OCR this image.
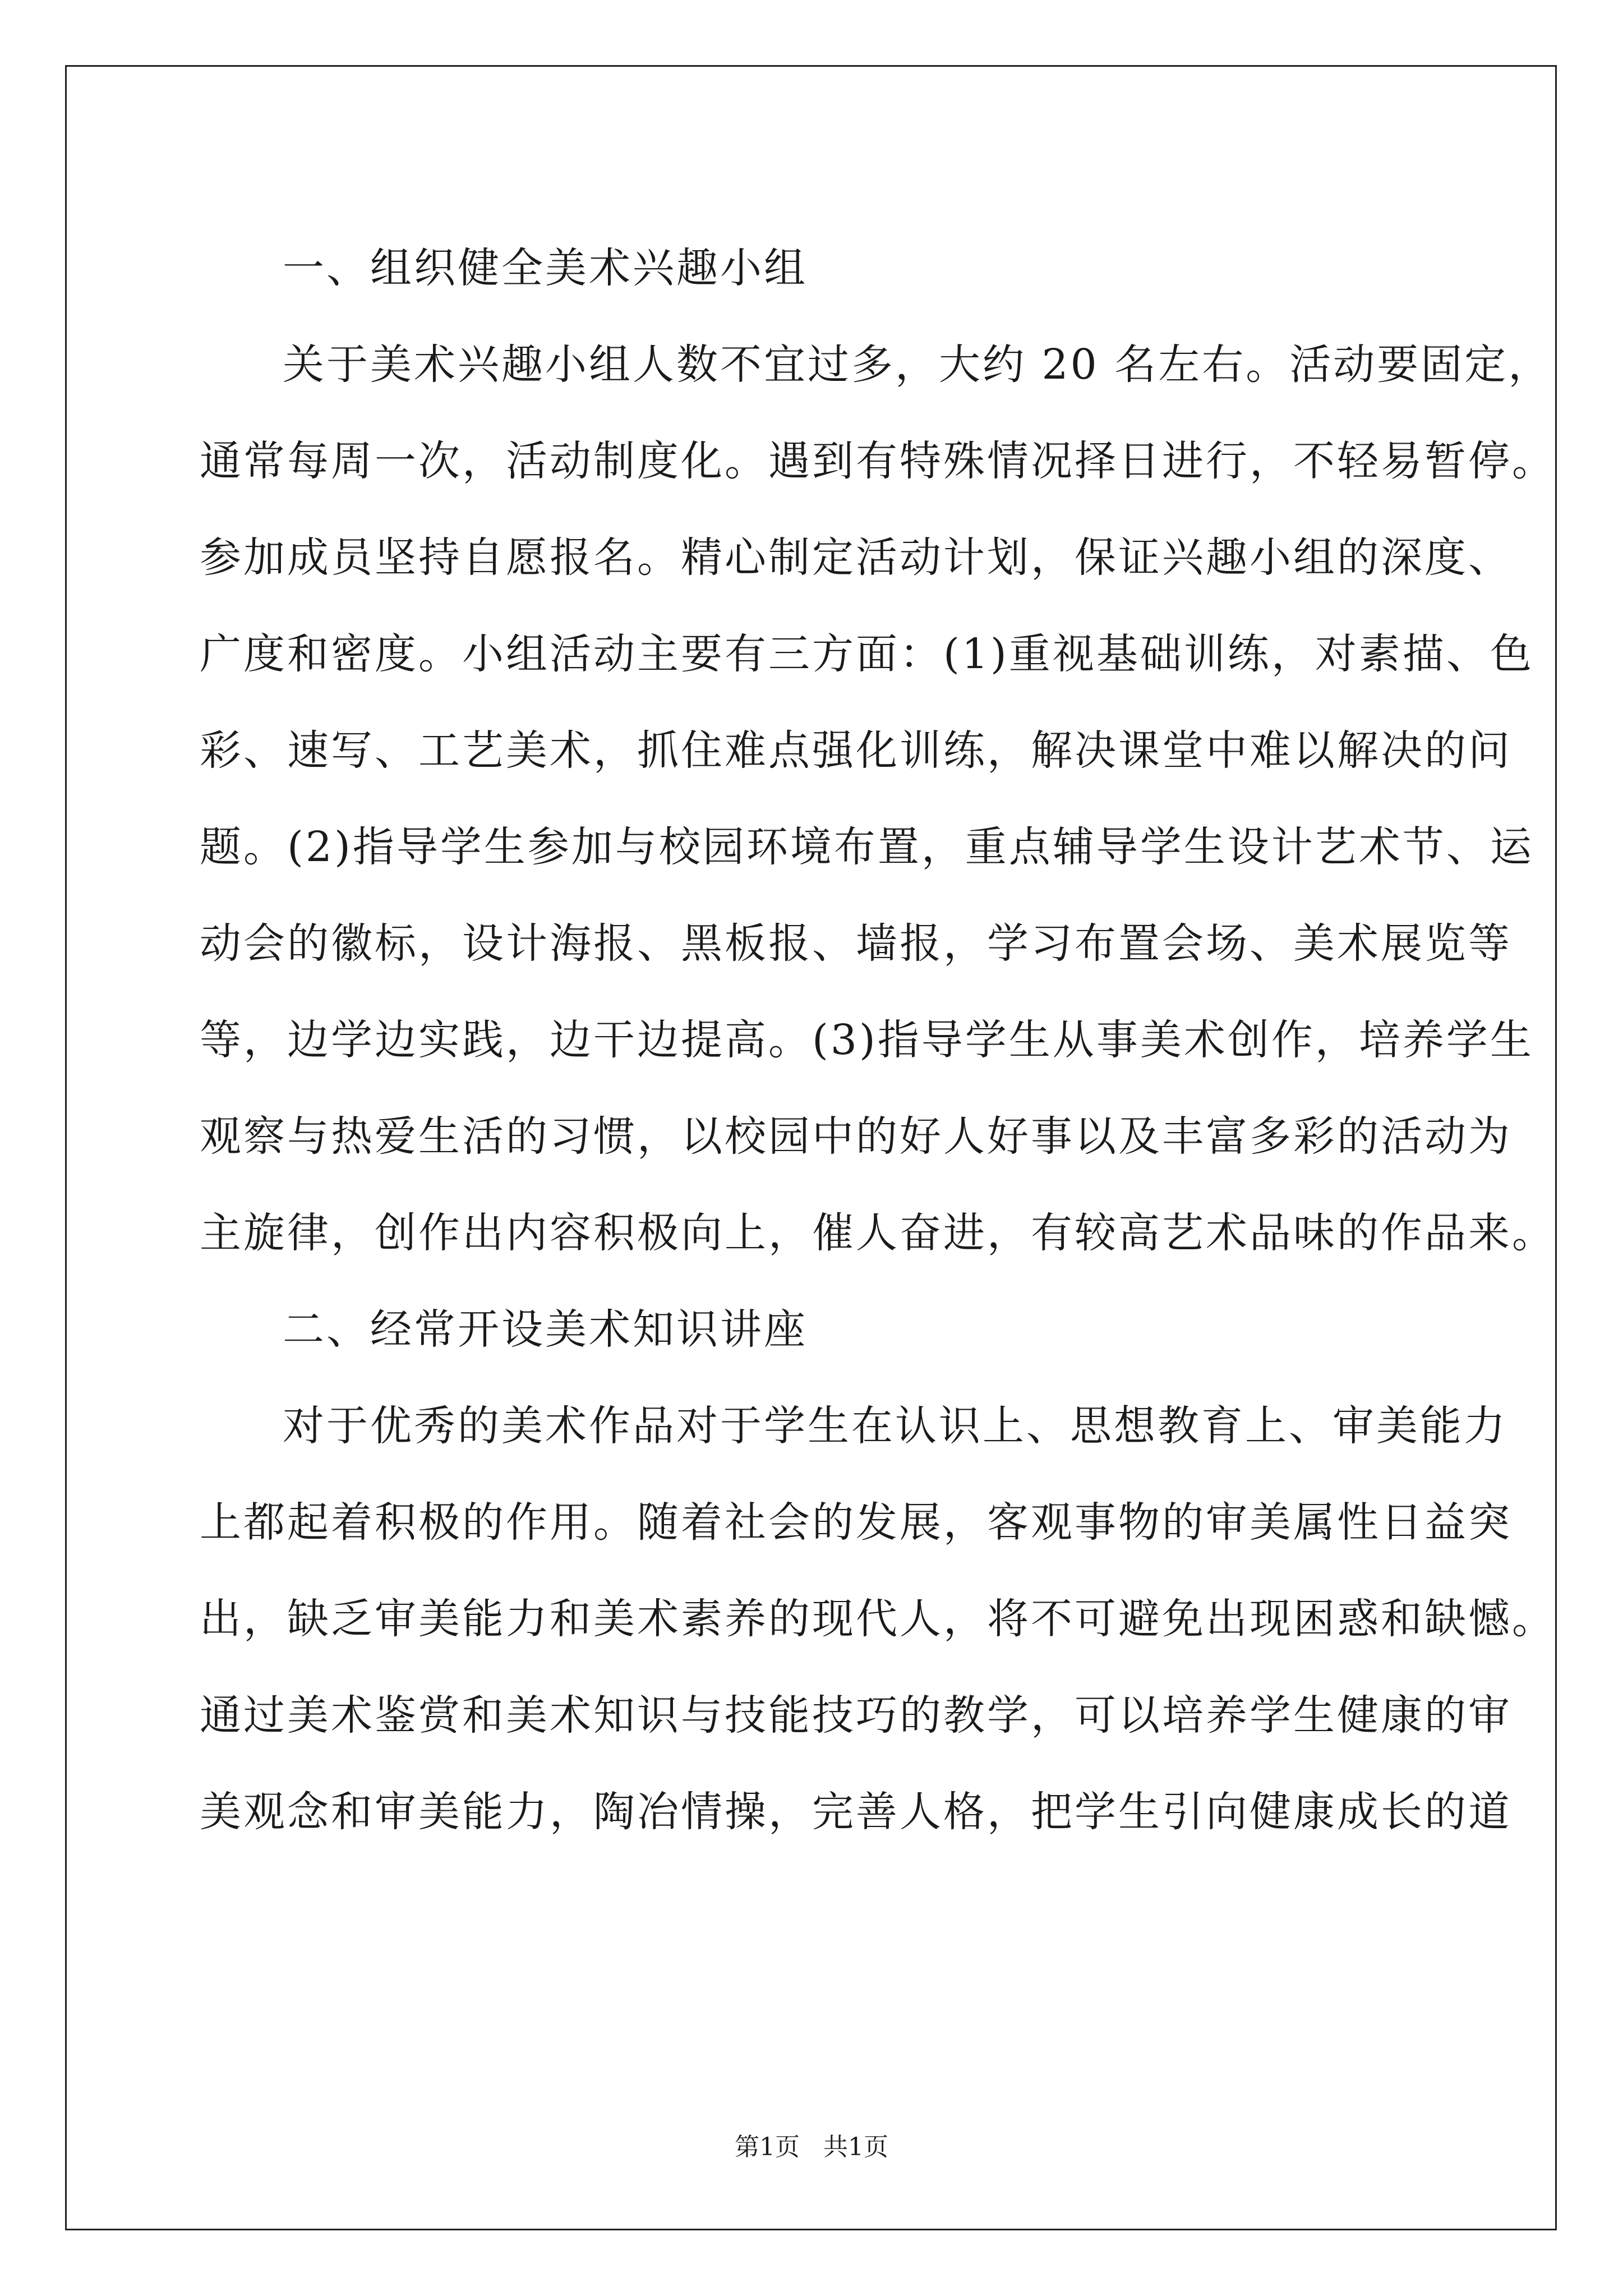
一、组织健全美术兴趣小组
关于美术兴趣小组人数不宜过多，大约 20 名左右。活动要固定，
通常每周一次，活动制度化。遇到有特殊情况择日进行，不轻易暂停。
参加成员坚持自愿报名。精心制定活动计划，保证兴趣小组的深度、
广度和密度。小组活动主要有三方面：(1)重视基础训练，对素描、色
彩、速写、工艺美术，抓住难点强化训练，解决课堂中难以解决的问
题。(2)指导学生参加与校园环境布置，重点辅导学生设计艺术节、运
动会的徽标，设计海报、黑板报、墙报，学习布置会场、美术展览等
等，边学边实践，边干边提高。(3)指导学生从事美术创作，培养学生
观察与热爱生活的习惯，以校园中的好人好事以及丰富多彩的活动为
主旋律，创作出内容积极向上，催人奋进，有较高艺术品味的作品来。
二、经常开设美术知识讲座
对于优秀的美术作品对于学生在认识上、思想教育上、审美能力
上都起着积极的作用。随着社会的发展，客观事物的审美属性日益突
出，缺乏审美能力和美术素养的现代人，将不可避免出现困惑和缺憾。
通过美术鉴赏和美术知识与技能技巧的教学，可以培养学生健康的审
美观念和审美能力，陶冶情操，完善人格，把学生引向健康成长的道
第1页   共1页
